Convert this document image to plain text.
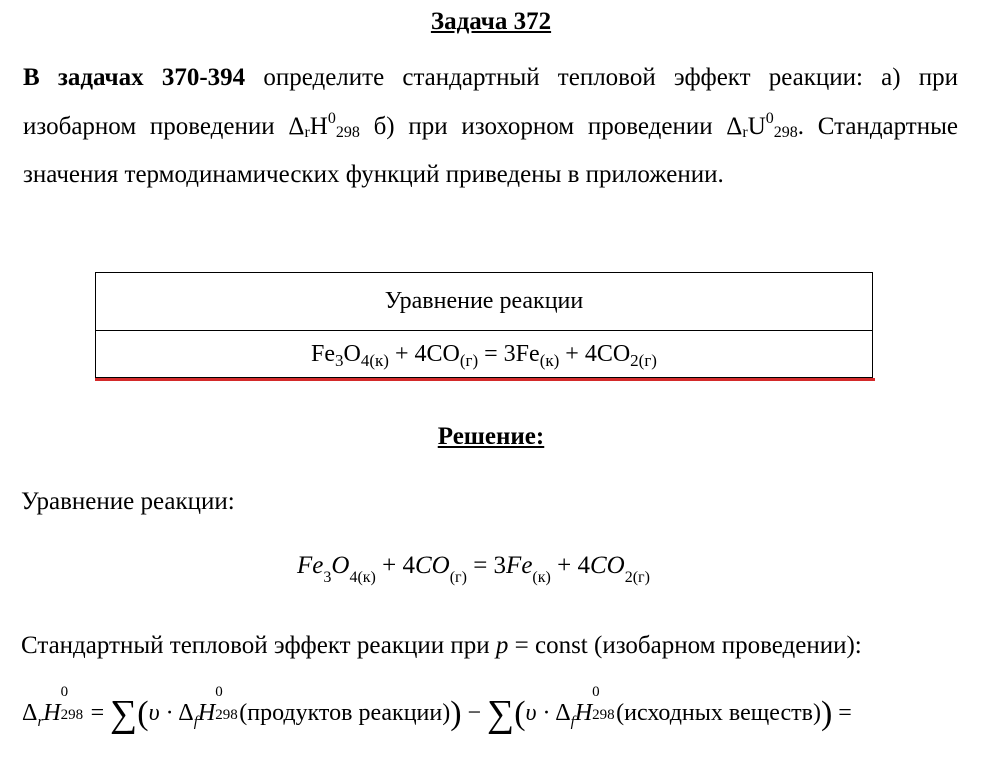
Задача 372
В задачах 370-394 определите стандартный тепловой эффект реакции: а) при изобарном проведении $\Delta_rH^0_{298}$ б) при изохорном проведении $\Delta_rU^0_{298}$. Стандартные значения термодинамических функций приведены в приложении.
Уравнение реакции
$Fe_3O_{4(к)} + 4CO_{(г)} = 3Fe_{(к)} + 4CO_{2(г)}$
Решение:
Уравнение реакции:
$Fe_3O_{4(к)} + 4CO_{(г)} = 3Fe_{(к)} + 4CO_{2(г)}$
Стандартный тепловой эффект реакции при p = const (изобарном проведении):
$\Delta_rH$
0
$298 = \sum(\upsilon \cdot \Delta_fH$
0
298 (продуктов реакции)) − $\sum(\upsilon \cdot \Delta_fH$
0
298 (исходных веществ)) =
